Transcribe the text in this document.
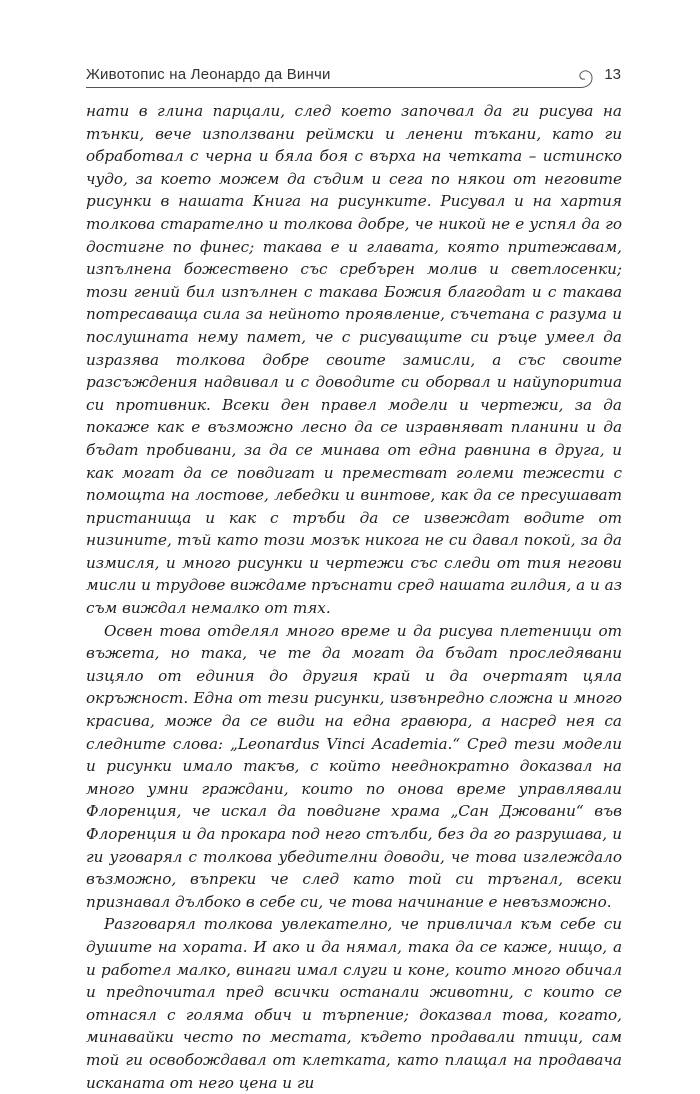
Животопис на Леонардо да Винчи	13

нати в глина парцали, след което започвал да ги рисува на тънки, вече използвани реймски и ленени тъкани, като ги обработвал с черна и бяла боя с върха на четката – истинско чудо, за което можем да съдим и сега по някои от неговите рисунки в нашата Книга на рисунките. Рисувал и на хартия толкова старателно и толкова добре, че никой не е успял да го достигне по финес; такава е и главата, която притежавам, изпълнена божествено със сребърен молив и светлосенки; този гений бил изпълнен с такава Божия благодат и с такава потресаваща сила за нейното проявление, съчетана с разума и послушната нему памет, че с рисуващите си ръце умеел да изразява толкова добре своите замисли, а със своите разсъждения надвивал и с доводите си оборвал и найупоритиа си противник. Всеки ден правел модели и чертежи, за да покаже как е възможно лесно да се изравняват планини и да бъдат пробивани, за да се минава от една равнина в друга, и как могат да се повдигат и преместват големи тежести с помощта на лостове, лебедки и винтове, как да се пресушават пристанища и как с тръби да се извеждат водите от низините, тъй като този мозък никога не си давал покой, за да измисля, и много рисунки и чертежи със следи от тия негови мисли и трудове виждаме пръснати сред нашата гилдия, а и аз съм виждал немалко от тях.

Освен това отделял много време и да рисува плетеници от въжета, но така, че те да могат да бъдат проследявани изцяло от единия до другия край и да очертаят цяла окръжност. Една от тези рисунки, извънредно сложна и много красива, може да се види на една гравюра, а насред нея са следните слова: „Leonardus Vinci Academia.“ Сред тези модели и рисунки имало такъв, с който нееднократно доказвал на много умни граждани, които по онова време управлявали Флоренция, че искал да повдигне храма „Сан Джовани“ във Флоренция и да прокара под него стълби, без да го разрушава, и ги уговарял с толкова убедителни доводи, че това изглеждало възможно, въпреки че след като той си тръгнал, всеки признавал дълбоко в себе си, че това начинание е невъзможно.

Разговарял толкова увлекателно, че привличал към себе си душите на хората. И ако и да нямал, така да се каже, нищо, а и работел малко, винаги имал слуги и коне, които много обичал и предпочитал пред всички останали животни, с които се отнасял с голяма обич и търпение; доказвал това, когато, минавайки често по местата, където продавали птици, сам той ги освобождавал от клетката, като плащал на продавача исканата от него цена и ги
